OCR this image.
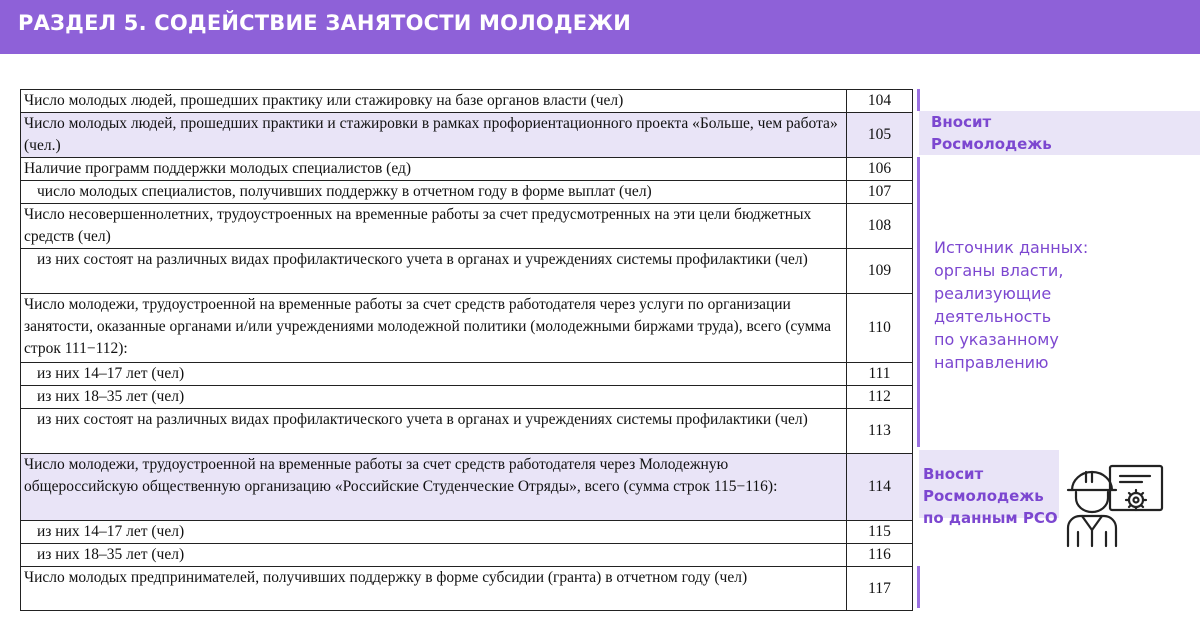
РАЗДЕЛ 5. СОДЕЙСТВИЕ ЗАНЯТОСТИ МОЛОДЕЖИ
Число молодых людей, прошедших практику или стажировку на базе органов власти (чел)	104
Число молодых людей, прошедших практики и стажировки в рамках профориентационного проекта «Больше, чем работа» (чел.)	105
Наличие программ поддержки молодых специалистов (ед)	106
число молодых специалистов, получивших поддержку в отчетном году в форме выплат (чел)	107
Число несовершеннолетних, трудоустроенных на временные работы за счет предусмотренных на эти цели бюджетных средств (чел)	108
из них состоят на различных видах профилактического учета в органах и учреждениях системы профилактики (чел)	109
Число молодежи, трудоустроенной на временные работы за счет средств работодателя через услуги по организации занятости, оказанные органами и/или учреждениями молодежной политики (молодежными биржами труда), всего (сумма строк 111−112):	110
из них 14–17 лет (чел)	111
из них 18–35 лет (чел)	112
из них состоят на различных видах профилактического учета в органах и учреждениях системы профилактики (чел)	113
Число молодежи, трудоустроенной на временные работы за счет средств работодателя через Молодежную общероссийскую общественную организацию «Российские Студенческие Отряды», всего (сумма строк 115−116):	114
из них 14–17 лет (чел)	115
из них 18–35 лет (чел)	116
Число молодых предпринимателей, получивших поддержку в форме субсидии (гранта) в отчетном году (чел)	117
Вносит
Росмолодежь
Источник данных:
органы власти,
реализующие
деятельность
по указанному
направлению
Вносит
Росмолодежь
по данным РСО
